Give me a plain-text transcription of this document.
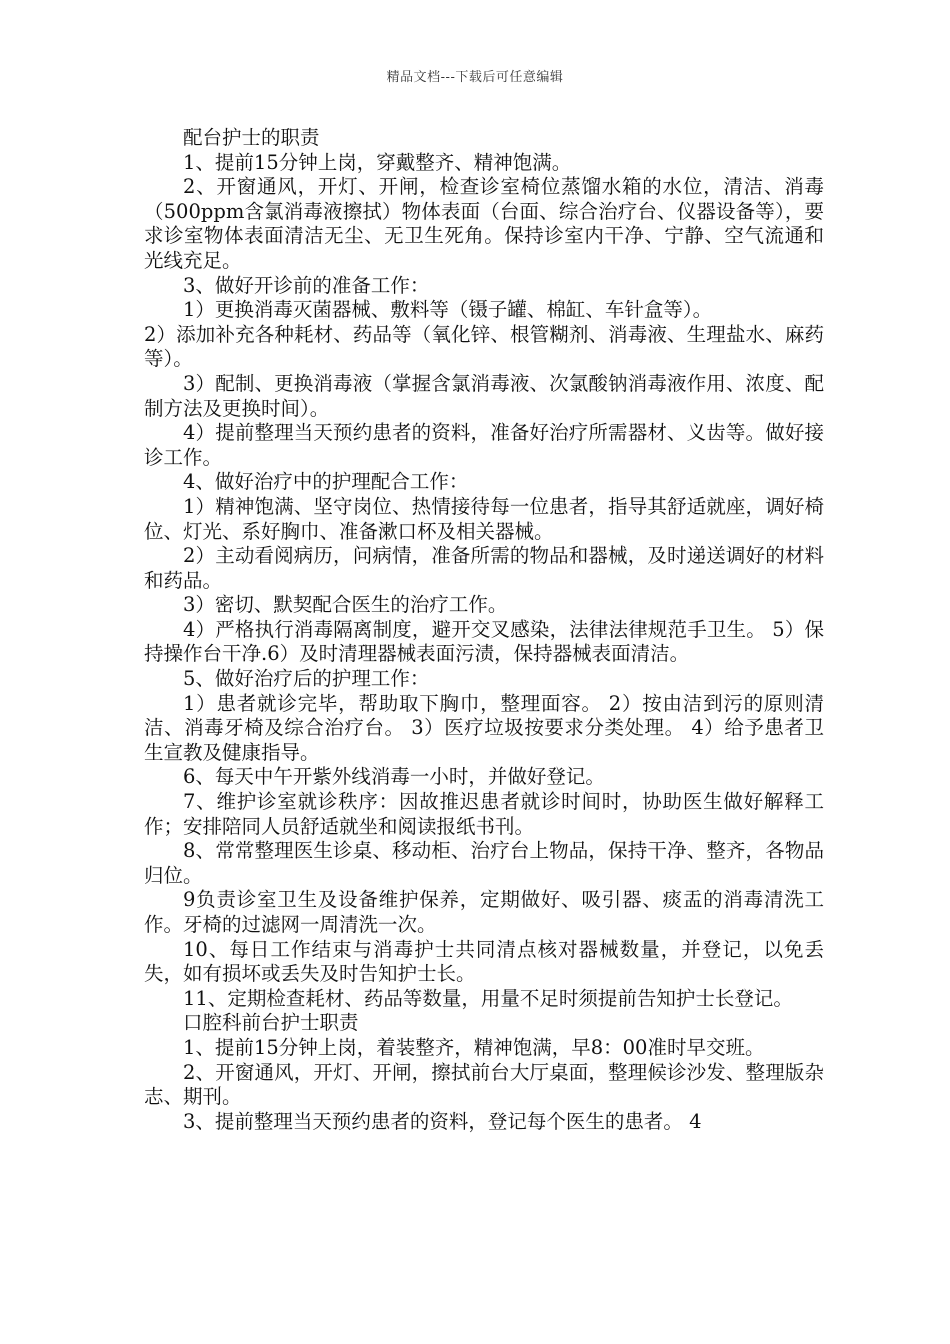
精品文档---下载后可任意编辑

配台护士的职责

1、提前15分钟上岗，穿戴整齐、精神饱满。

2、开窗通风，开灯、开闸，检查诊室椅位蒸馏水箱的水位，清洁、消毒（500ppm含氯消毒液擦拭）物体表面（台面、综合治疗台、仪器设备等），要求诊室物体表面清洁无尘、无卫生死角。保持诊室内干净、宁静、空气流通和光线充足。

3、做好开诊前的准备工作：

1）更换消毒灭菌器械、敷料等（镊子罐、棉缸、车针盒等）。

2）添加补充各种耗材、药品等（氧化锌、根管糊剂、消毒液、生理盐水、麻药等）。

3）配制、更换消毒液（掌握含氯消毒液、次氯酸钠消毒液作用、浓度、配制方法及更换时间）。

4）提前整理当天预约患者的资料，准备好治疗所需器材、义齿等。做好接诊工作。

4、做好治疗中的护理配合工作：

1）精神饱满、坚守岗位、热情接待每一位患者，指导其舒适就座，调好椅位、灯光、系好胸巾、准备漱口杯及相关器械。

2）主动看阅病历，问病情，准备所需的物品和器械，及时递送调好的材料和药品。

3）密切、默契配合医生的治疗工作。

4）严格执行消毒隔离制度，避开交叉感染，法律法律规范手卫生。 5）保持操作台干净.6）及时清理器械表面污渍，保持器械表面清洁。

5、做好治疗后的护理工作：

1）患者就诊完毕，帮助取下胸巾，整理面容。 2）按由洁到污的原则清洁、消毒牙椅及综合治疗台。 3）医疗垃圾按要求分类处理。 4）给予患者卫生宣教及健康指导。

6、每天中午开紫外线消毒一小时，并做好登记。

7、维护诊室就诊秩序：因故推迟患者就诊时间时，协助医生做好解释工作；安排陪同人员舒适就坐和阅读报纸书刊。

8、常常整理医生诊桌、移动柜、治疗台上物品，保持干净、整齐，各物品归位。

9负责诊室卫生及设备维护保养，定期做好、吸引器、痰盂的消毒清洗工作。牙椅的过滤网一周清洗一次。

10、每日工作结束与消毒护士共同清点核对器械数量，并登记，以免丢失，如有损坏或丢失及时告知护士长。

11、定期检查耗材、药品等数量，用量不足时须提前告知护士长登记。

口腔科前台护士职责

1、提前15分钟上岗，着装整齐，精神饱满，早8：00准时早交班。

2、开窗通风，开灯、开闸，擦拭前台大厅桌面，整理候诊沙发、整理版杂志、期刊。

3、提前整理当天预约患者的资料，登记每个医生的患者。 4
